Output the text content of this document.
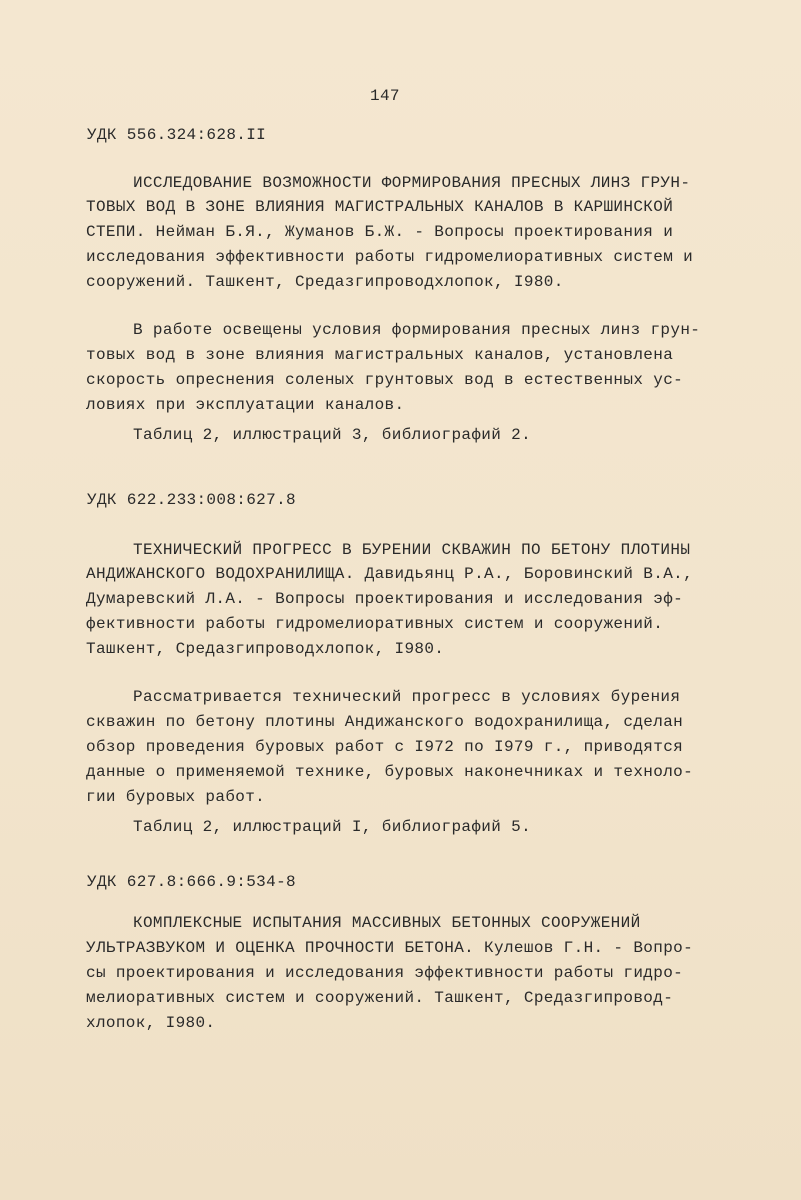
147
УДК 556.324:628.II
ИССЛЕДОВАНИЕ ВОЗМОЖНОСТИ ФОРМИРОВАНИЯ ПРЕСНЫХ ЛИНЗ ГРУН-
ТОВЫХ ВОД В ЗОНЕ ВЛИЯНИЯ МАГИСТРАЛЬНЫХ КАНАЛОВ В КАРШИНСКОЙ
СТЕПИ. Нейман Б.Я., Жуманов Б.Ж. - Вопросы проектирования и
исследования эффективности работы гидромелиоративных систем и
сооружений. Ташкент, Средазгипроводхлопок, I980.
В работе освещены условия формирования пресных линз грун-
товых вод в зоне влияния магистральных каналов, установлена
скорость опреснения соленых грунтовых вод в естественных ус-
ловиях при эксплуатации каналов.
Таблиц 2, иллюстраций 3, библиографий 2.
УДК 622.233:008:627.8
ТЕХНИЧЕСКИЙ ПРОГРЕСС В БУРЕНИИ СКВАЖИН ПО БЕТОНУ ПЛОТИНЫ
АНДИЖАНСКОГО ВОДОХРАНИЛИЩА. Давидьянц Р.А., Боровинский В.А.,
Думаревский Л.А. - Вопросы проектирования и исследования эф-
фективности работы гидромелиоративных систем и сооружений.
Ташкент, Средазгипроводхлопок, I980.
Рассматривается технический прогресс в условиях бурения
скважин по бетону плотины Андижанского водохранилища, сделан
обзор проведения буровых работ с I972 по I979 г., приводятся
данные о применяемой технике, буровых наконечниках и техноло-
гии буровых работ.
Таблиц 2, иллюстраций I, библиографий 5.
УДК 627.8:666.9:534-8
КОМПЛЕКСНЫЕ ИСПЫТАНИЯ МАССИВНЫХ БЕТОННЫХ СООРУЖЕНИЙ
УЛЬТРАЗВУКОМ И ОЦЕНКА ПРОЧНОСТИ БЕТОНА. Кулешов Г.Н. - Вопро-
сы проектирования и исследования эффективности работы гидро-
мелиоративных систем и сооружений. Ташкент, Средазгипровод-
хлопок, I980.
